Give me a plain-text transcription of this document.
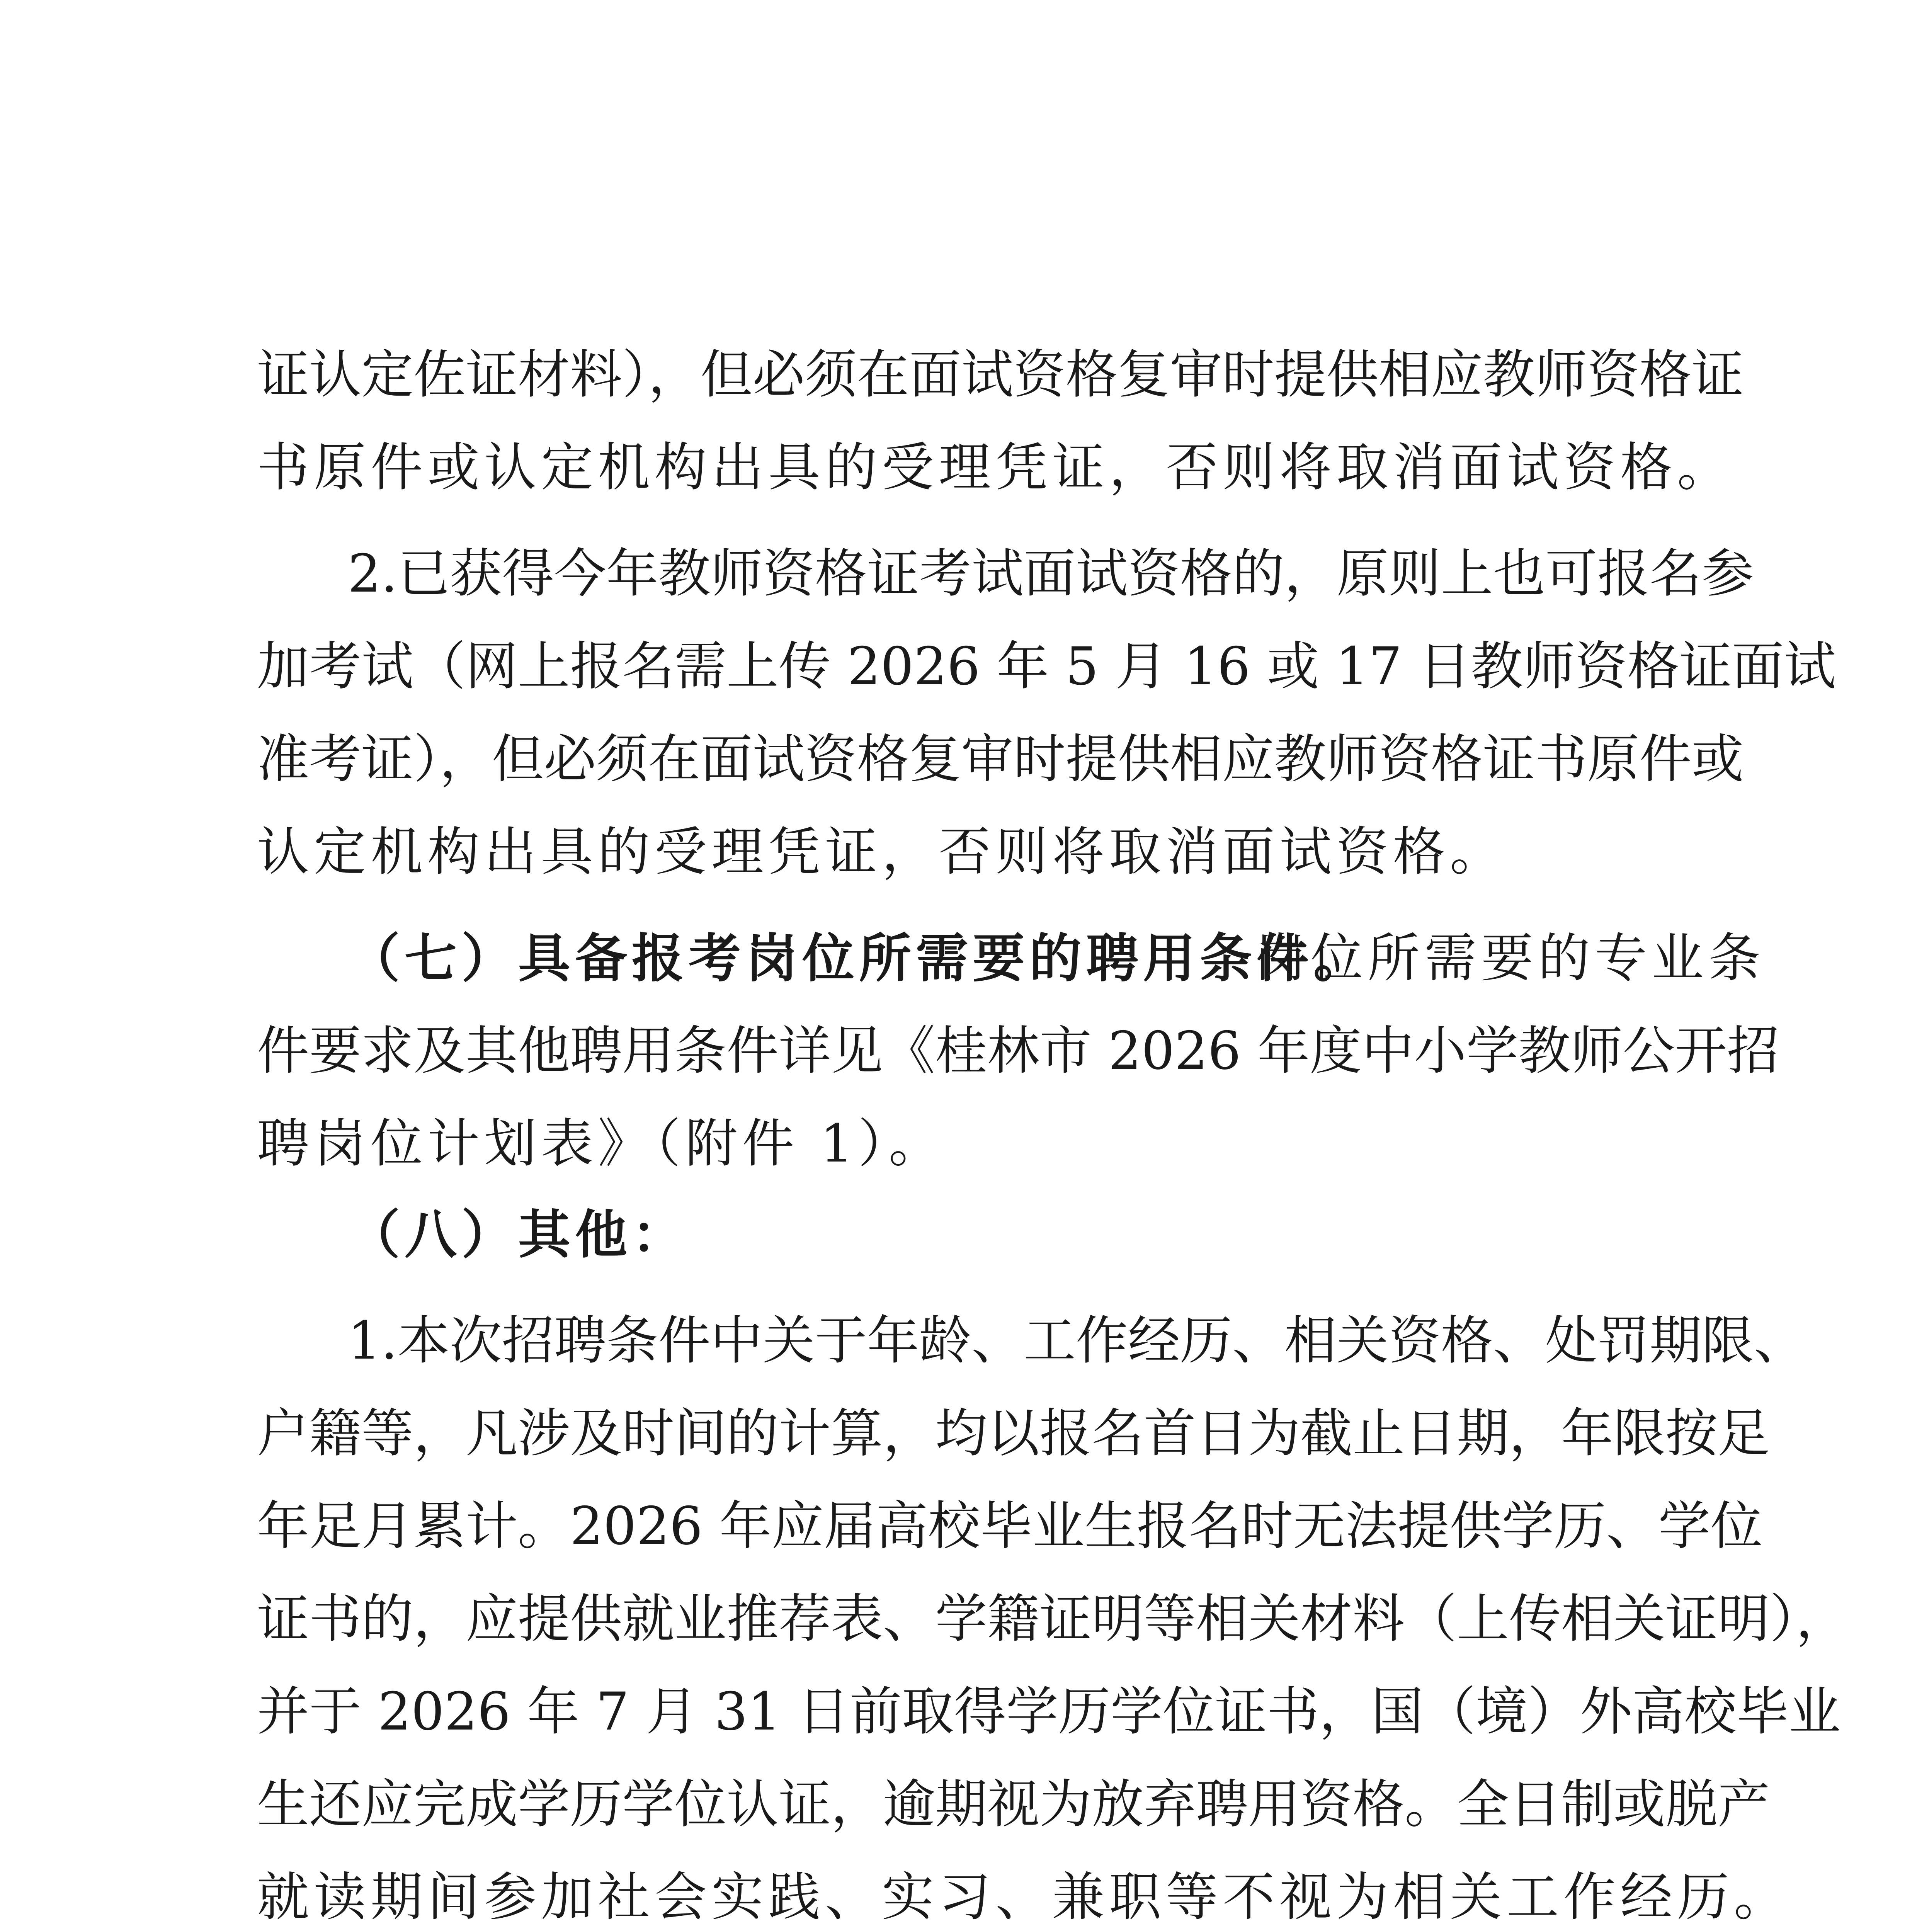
证认定佐证材料），但必须在面试资格复审时提供相应教师资格证
书原件或认定机构出具的受理凭证，否则将取消面试资格。
2.已获得今年教师资格证考试面试资格的，原则上也可报名参
加考试（网上报名需上传 2026 年 5 月 16 或 17 日教师资格证面试
准考证），但必须在面试资格复审时提供相应教师资格证书原件或
认定机构出具的受理凭证，否则将取消面试资格。
（七）具备报考岗位所需要的聘用条件。
岗位所需要的专业条
件要求及其他聘用条件详见《桂林市 2026 年度中小学教师公开招
聘岗位计划表》（附件 1）。
（八）其他：
1.本次招聘条件中关于年龄、工作经历、相关资格、处罚期限、
户籍等，凡涉及时间的计算，均以报名首日为截止日期，年限按足
年足月累计。2026 年应届高校毕业生报名时无法提供学历、学位
证书的，应提供就业推荐表、学籍证明等相关材料（上传相关证明），
并于 2026 年 7 月 31 日前取得学历学位证书，国（境）外高校毕业
生还应完成学历学位认证，逾期视为放弃聘用资格。全日制或脱产
就读期间参加社会实践、实习、兼职等不视为相关工作经历。
